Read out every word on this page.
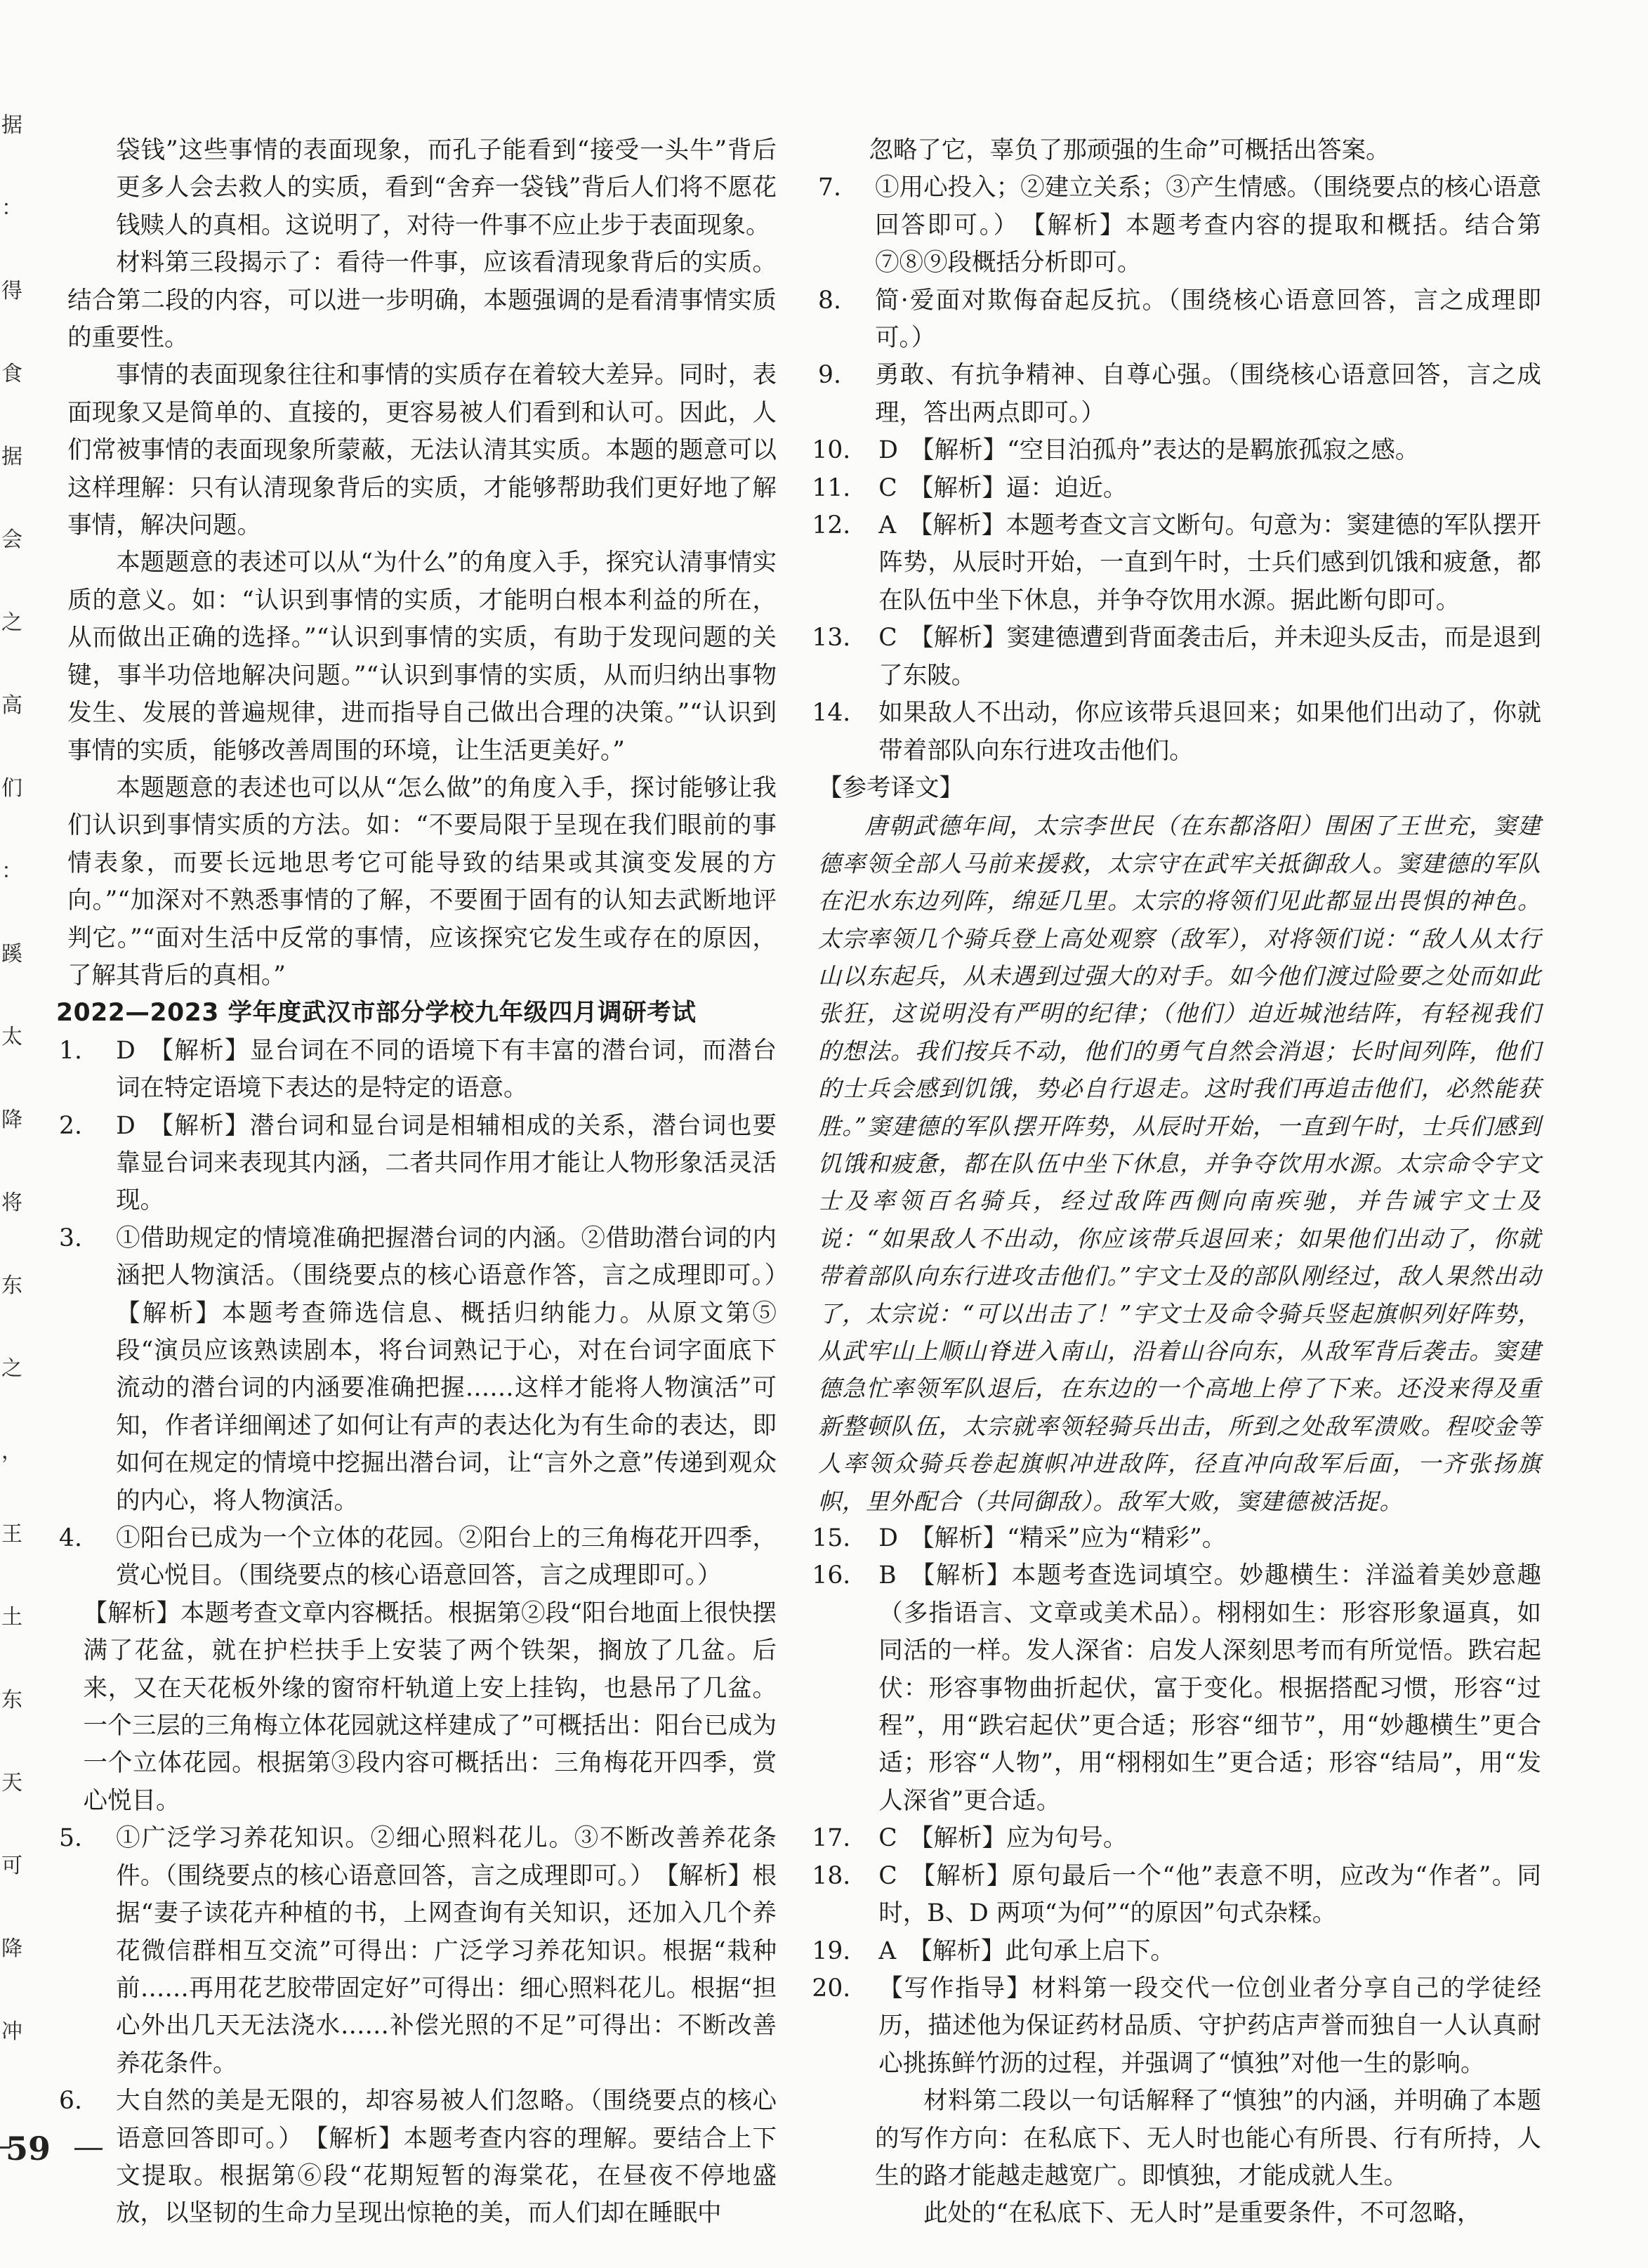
据
：
得
食
据
会
之
高
们
：
蹊
太
降
将
东
之
，
王
土
东
天
可
降
冲

袋钱”这些事情的表面现象，而孔子能看到“接受一头牛”背后更多人会去救人的实质，看到“舍弃一袋钱”背后人们将不愿花钱赎人的真相。这说明了，对待一件事不应止步于表面现象。

材料第三段揭示了：看待一件事，应该看清现象背后的实质。结合第二段的内容，可以进一步明确，本题强调的是看清事情实质的重要性。

事情的表面现象往往和事情的实质存在着较大差异。同时，表面现象又是简单的、直接的，更容易被人们看到和认可。因此，人们常被事情的表面现象所蒙蔽，无法认清其实质。本题的题意可以这样理解：只有认清现象背后的实质，才能够帮助我们更好地了解事情，解决问题。

本题题意的表述可以从“为什么”的角度入手，探究认清事情实质的意义。如：“认识到事情的实质，才能明白根本利益的所在，从而做出正确的选择。”“认识到事情的实质，有助于发现问题的关键，事半功倍地解决问题。”“认识到事情的实质，从而归纳出事物发生、发展的普遍规律，进而指导自己做出合理的决策。”“认识到事情的实质，能够改善周围的环境，让生活更美好。”

本题题意的表述也可以从“怎么做”的角度入手，探讨能够让我们认识到事情实质的方法。如：“不要局限于呈现在我们眼前的事情表象，而要长远地思考它可能导致的结果或其演变发展的方向。”“加深对不熟悉事情的了解，不要囿于固有的认知去武断地评判它。”“面对生活中反常的事情，应该探究它发生或存在的原因，了解其背后的真相。”

2022—2023 学年度武汉市部分学校九年级四月调研考试
1. D　【解析】显台词在不同的语境下有丰富的潜台词，而潜台词在特定语境下表达的是特定的语意。
2. D　【解析】潜台词和显台词是相辅相成的关系，潜台词也要靠显台词来表现其内涵，二者共同作用才能让人物形象活灵活现。
3. ①借助规定的情境准确把握潜台词的内涵。②借助潜台词的内涵把人物演活。（围绕要点的核心语意作答，言之成理即可。）　【解析】本题考查筛选信息、概括归纳能力。从原文第⑤段“演员应该熟读剧本，将台词熟记于心，对在台词字面底下流动的潜台词的内涵要准确把握……这样才能将人物演活”可知，作者详细阐述了如何让有声的表达化为有生命的表达，即如何在规定的情境中挖掘出潜台词，让“言外之意”传递到观众的内心，将人物演活。
4. ①阳台已成为一个立体的花园。②阳台上的三角梅花开四季，赏心悦目。（围绕要点的核心语意回答，言之成理即可。）
【解析】本题考查文章内容概括。根据第②段“阳台地面上很快摆满了花盆，就在护栏扶手上安装了两个铁架，搁放了几盆。后来，又在天花板外缘的窗帘杆轨道上安上挂钩，也悬吊了几盆。一个三层的三角梅立体花园就这样建成了”可概括出：阳台已成为一个立体花园。根据第③段内容可概括出：三角梅花开四季，赏心悦目。
5. ①广泛学习养花知识。②细心照料花儿。③不断改善养花条件。（围绕要点的核心语意回答，言之成理即可。）　【解析】根据“妻子读花卉种植的书，上网查询有关知识，还加入几个养花微信群相互交流”可得出：广泛学习养花知识。根据“栽种前……再用花艺胶带固定好”可得出：细心照料花儿。根据“担心外出几天无法浇水……补偿光照的不足”可得出：不断改善养花条件。
6. 大自然的美是无限的，却容易被人们忽略。（围绕要点的核心语意回答即可。）　【解析】本题考查内容的理解。要结合上下文提取。根据第⑥段“花期短暂的海棠花，在昼夜不停地盛放，以坚韧的生命力呈现出惊艳的美，而人们却在睡眠中

忽略了它，辜负了那顽强的生命”可概括出答案。

7. ①用心投入；②建立关系；③产生情感。（围绕要点的核心语意回答即可。）　【解析】本题考查内容的提取和概括。结合第⑦⑧⑨段概括分析即可。
8. 简·爱面对欺侮奋起反抗。（围绕核心语意回答，言之成理即可。）
9. 勇敢、有抗争精神、自尊心强。（围绕核心语意回答，言之成理，答出两点即可。）
10. D　【解析】“空目泊孤舟”表达的是羁旅孤寂之感。
11. C　【解析】逼：迫近。
12. A　【解析】本题考查文言文断句。句意为：窦建德的军队摆开阵势，从辰时开始，一直到午时，士兵们感到饥饿和疲惫，都在队伍中坐下休息，并争夺饮用水源。据此断句即可。
13. C　【解析】窦建德遭到背面袭击后，并未迎头反击，而是退到了东陂。
14. 如果敌人不出动，你应该带兵退回来；如果他们出动了，你就带着部队向东行进攻击他们。

【参考译文】

唐朝武德年间，太宗李世民（在东都洛阳）围困了王世充，窦建德率领全部人马前来援救，太宗守在武牢关抵御敌人。窦建德的军队在汜水东边列阵，绵延几里。太宗的将领们见此都显出畏惧的神色。太宗率领几个骑兵登上高处观察（敌军），对将领们说：“敌人从太行山以东起兵，从未遇到过强大的对手。如今他们渡过险要之处而如此张狂，这说明没有严明的纪律；（他们）迫近城池结阵，有轻视我们的想法。我们按兵不动，他们的勇气自然会消退；长时间列阵，他们的士兵会感到饥饿，势必自行退走。这时我们再追击他们，必然能获胜。”窦建德的军队摆开阵势，从辰时开始，一直到午时，士兵们感到饥饿和疲惫，都在队伍中坐下休息，并争夺饮用水源。太宗命令宇文士及率领百名骑兵，经过敌阵西侧向南疾驰，并告诫宇文士及说：“如果敌人不出动，你应该带兵退回来；如果他们出动了，你就带着部队向东行进攻击他们。”宇文士及的部队刚经过，敌人果然出动了，太宗说：“可以出击了！”宇文士及命令骑兵竖起旗帜列好阵势，从武牢山上顺山脊进入南山，沿着山谷向东，从敌军背后袭击。窦建德急忙率领军队退后，在东边的一个高地上停了下来。还没来得及重新整顿队伍，太宗就率领轻骑兵出击，所到之处敌军溃败。程咬金等人率领众骑兵卷起旗帜冲进敌阵，径直冲向敌军后面，一齐张扬旗帜，里外配合（共同御敌）。敌军大败，窦建德被活捉。

15. D　【解析】“精采”应为“精彩”。
16. B　【解析】本题考查选词填空。妙趣横生：洋溢着美妙意趣（多指语言、文章或美术品）。栩栩如生：形容形象逼真，如同活的一样。发人深省：启发人深刻思考而有所觉悟。跌宕起伏：形容事物曲折起伏，富于变化。根据搭配习惯，形容“过程”，用“跌宕起伏”更合适；形容“细节”，用“妙趣横生”更合适；形容“人物”，用“栩栩如生”更合适；形容“结局”，用“发人深省”更合适。
17. C　【解析】应为句号。
18. C　【解析】原句最后一个“他”表意不明，应改为“作者”。同时，B、D 两项“为何”“的原因”句式杂糅。
19. A　【解析】此句承上启下。
20. 【写作指导】材料第一段交代一位创业者分享自己的学徒经历，描述他为保证药材品质、守护药店声誉而独自一人认真耐心挑拣鲜竹沥的过程，并强调了“慎独”对他一生的影响。

材料第二段以一句话解释了“慎独”的内涵，并明确了本题的写作方向：在私底下、无人时也能心有所畏、行有所持，人生的路才能越走越宽广。即慎独，才能成就人生。

此处的“在私底下、无人时”是重要条件，不可忽略，

59
